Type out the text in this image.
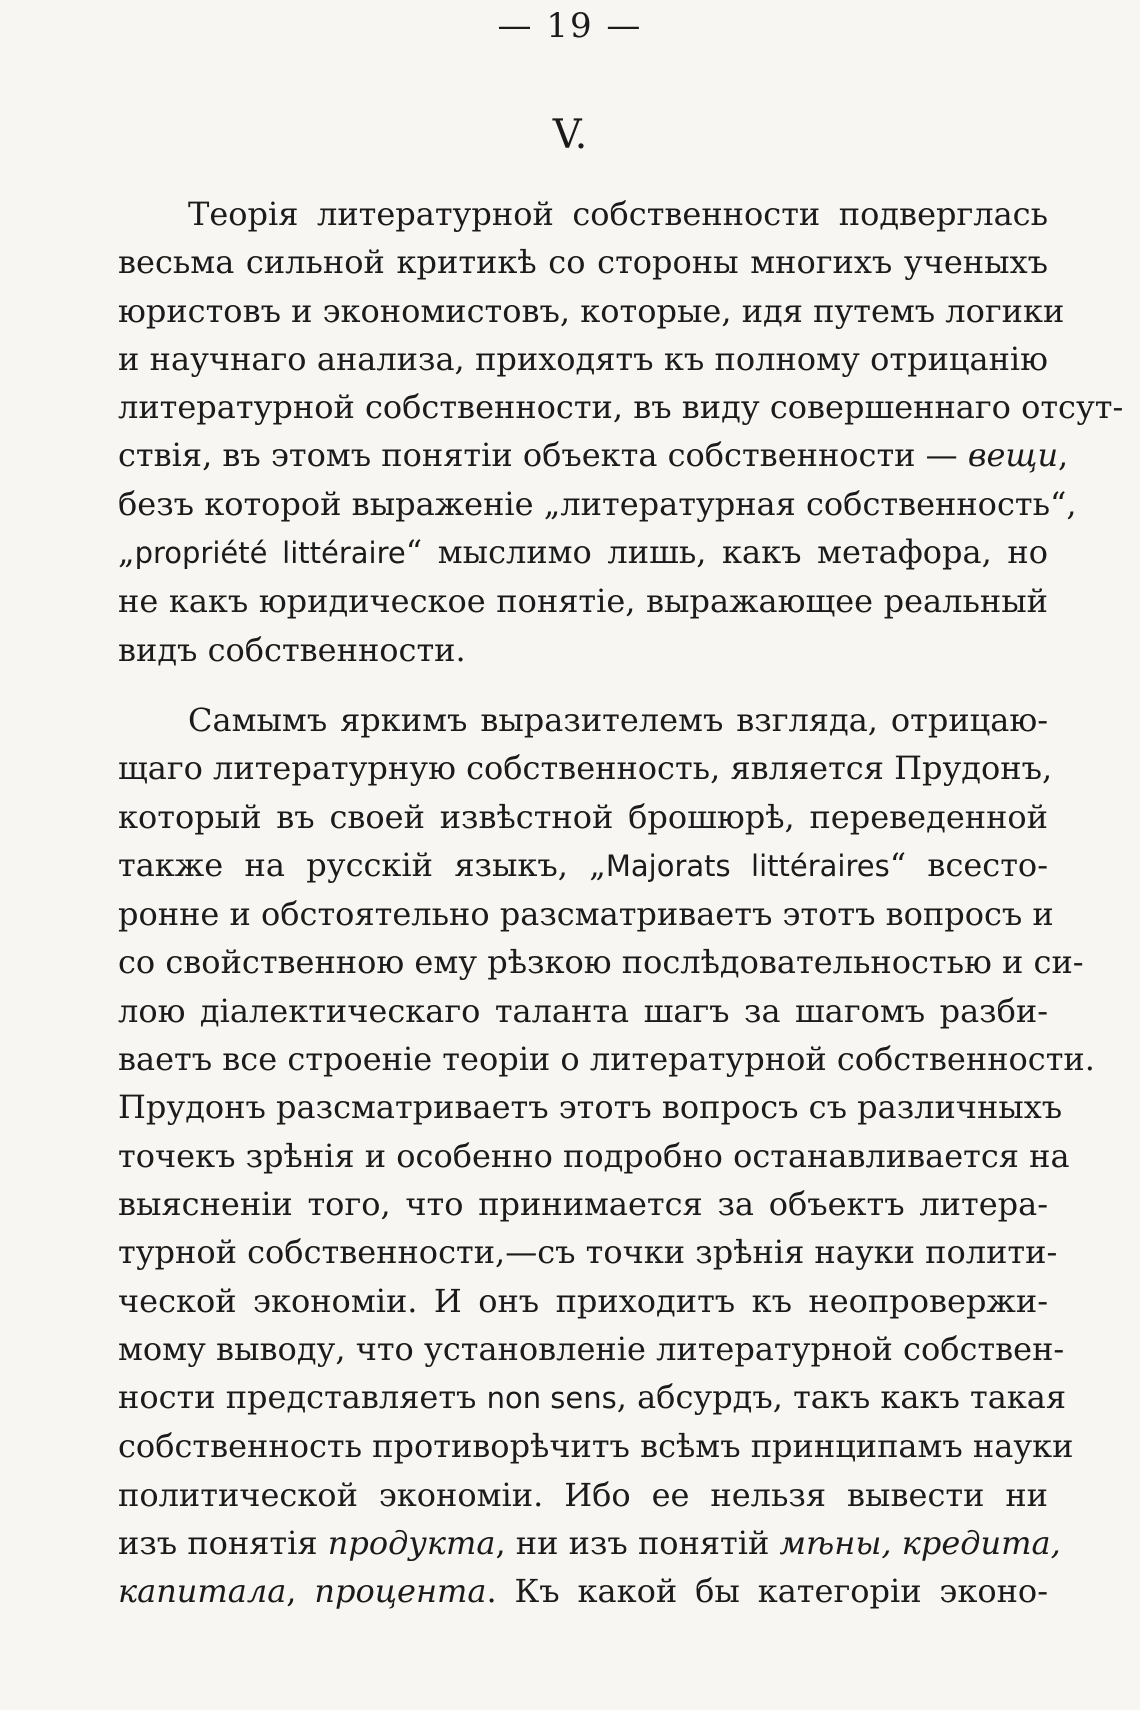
— 19 —
V.
Теорія литературной собственности подверглась
весьма сильной критикѣ со стороны многихъ ученыхъ
юристовъ и экономистовъ, которые, идя путемъ логики
и научнаго анализа, приходятъ къ полному отрицанію
литературной собственности, въ виду совершеннаго отсут-
ствія, въ этомъ понятіи объекта собственности — вещи,
безъ которой выраженіе „литературная собственность“,
„propriété littéraire“ мыслимо лишь, какъ метафора, но
не какъ юридическое понятіе, выражающее реальный
видъ собственности.
Самымъ яркимъ выразителемъ взгляда, отрицаю-
щаго литературную собственность, является Прудонъ,
который въ своей извѣстной брошюрѣ, переведенной
также на русскій языкъ, „Majorats littéraires“ всесто-
ронне и обстоятельно разсматриваетъ этотъ вопросъ и
со свойственною ему рѣзкою послѣдовательностью и си-
лою діалектическаго таланта шагъ за шагомъ разби-
ваетъ все строеніе теоріи о литературной собственности.
Прудонъ разсматриваетъ этотъ вопросъ съ различныхъ
точекъ зрѣнія и особенно подробно останавливается на
выясненіи того, что принимается за объектъ литера-
турной собственности,—съ точки зрѣнія науки полити-
ческой экономіи. И онъ приходитъ къ неопровержи-
мому выводу, что установленіе литературной собствен-
ности представляетъ non sens, абсурдъ, такъ какъ такая
собственность противорѣчитъ всѣмъ принципамъ науки
политической экономіи. Ибо ее нельзя вывести ни
изъ понятія продукта, ни изъ понятій мѣны, кредита,
капитала, процента. Къ какой бы категоріи эконо-
